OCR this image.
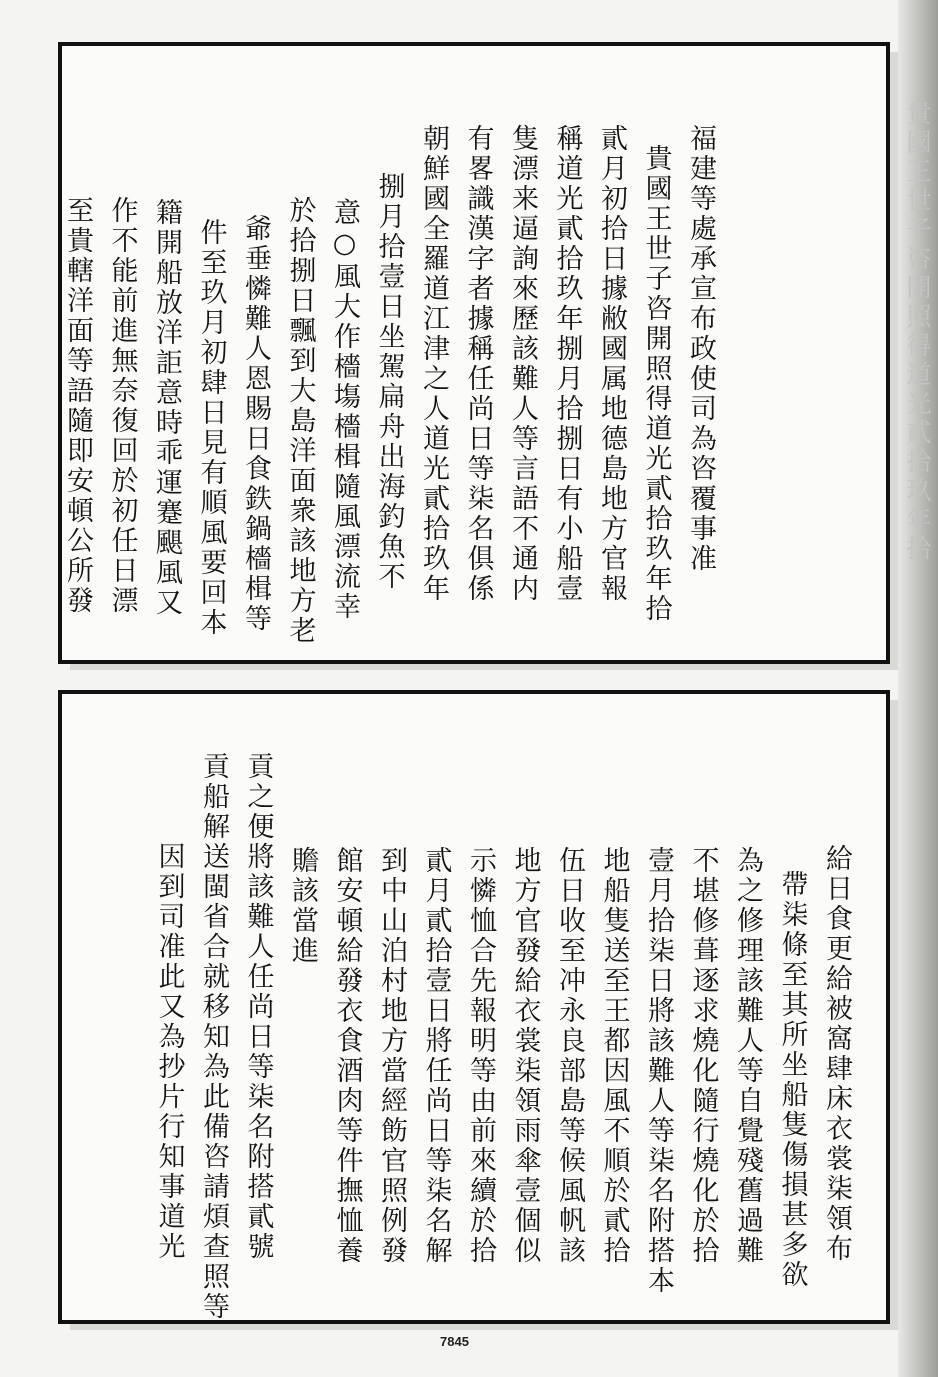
福建等處承宣布政使司為咨覆事准
貴國王世子咨開照得道光貳拾玖年拾
貳月初拾日據敝國属地德島地方官報
稱道光貳拾玖年捌月拾捌日有小船壹
隻漂来逼詢來歷該難人等言語不通内
有畧識漢字者據稱任尚日等柒名俱係
朝鮮國全羅道江津之人道光貳拾玖年
捌月拾壹日坐駕扁舟出海釣魚不
意○風大作檣塲檣楫隨風漂流幸
於拾捌日飄到大島洋面衆該地方老
爺垂憐難人恩賜日食鉄鍋檣楫等
件至玖月初肆日見有順風要回本
籍開船放洋詎意時乖運蹇颶風又
作不能前進無奈復回於初任日漂
至貴轄洋面等語隨即安頓公所發	貴國王世子咨開照得道光貳拾玖年拾
給日食更給被窩肆床衣裳柒領布
帶柒條至其所坐船隻傷損甚多欲
為之修理該難人等自覺殘舊過難
不堪修葺逐求燒化隨行燒化於拾
壹月拾柒日將該難人等柒名附搭本
地船隻送至王都因風不順於貳拾
伍日收至冲永良部島等候風帆該
地方官發給衣裳柒領雨傘壹個似
示憐恤合先報明等由前來續於拾
貳月貳拾壹日將任尚日等柒名解
到中山泊村地方當經飭官照例發
館安頓給發衣食酒肉等件撫恤養
贍該當進
貢之便將該難人任尚日等柒名附搭貳號
貢船解送閩省合就移知為此備咨請煩查照等
因到司准此又為抄片行知事道光
7845
